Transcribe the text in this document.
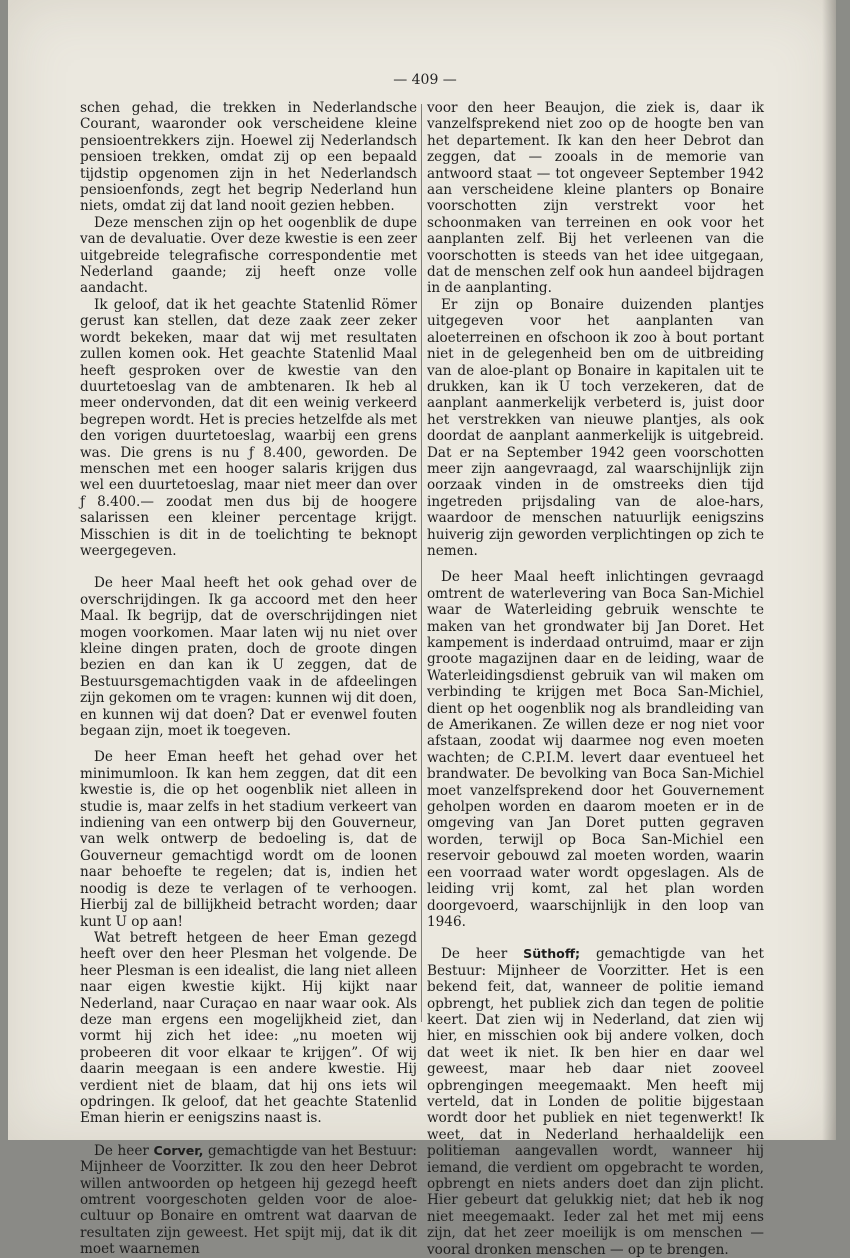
— 409 —

schen gehad, die trekken in Nederlandsche Courant, waaronder ook verscheidene kleine pensioentrekkers zijn. Hoewel zij Nederlandsch pensioen trekken, omdat zij op een bepaald tijdstip opgenomen zijn in het Nederlandsch pensioenfonds, zegt het begrip Nederland hun niets, omdat zij dat land nooit gezien hebben.

Deze menschen zijn op het oogenblik de dupe van de devaluatie. Over deze kwestie is een zeer uitgebreide telegrafische correspondentie met Nederland gaande; zij heeft onze volle aandacht.

Ik geloof, dat ik het geachte Statenlid Römer gerust kan stellen, dat deze zaak zeer zeker wordt bekeken, maar dat wij met resultaten zullen komen ook. Het geachte Statenlid Maal heeft gesproken over de kwestie van den duurtetoeslag van de ambtenaren. Ik heb al meer ondervonden, dat dit een weinig verkeerd begrepen wordt. Het is precies hetzelfde als met den vorigen duurtetoeslag, waarbij een grens was. Die grens is nu ƒ 8.400, geworden. De menschen met een hooger salaris krijgen dus wel een duurtetoeslag, maar niet meer dan over ƒ 8.400.— zoodat men dus bij de hoogere salarissen een kleiner percentage krijgt. Misschien is dit in de toelichting te beknopt weergegeven.

De heer Maal heeft het ook gehad over de overschrijdingen. Ik ga accoord met den heer Maal. Ik begrijp, dat de overschrijdingen niet mogen voorkomen. Maar laten wij nu niet over kleine dingen praten, doch de groote dingen bezien en dan kan ik U zeggen, dat de Bestuursgemachtigden vaak in de afdeelingen zijn gekomen om te vragen: kunnen wij dit doen, en kunnen wij dat doen? Dat er evenwel fouten begaan zijn, moet ik toegeven.

De heer Eman heeft het gehad over het minimumloon. Ik kan hem zeggen, dat dit een kwestie is, die op het oogenblik niet alleen in studie is, maar zelfs in het stadium verkeert van indiening van een ontwerp bij den Gouverneur, van welk ontwerp de bedoeling is, dat de Gouverneur gemachtigd wordt om de loonen naar behoefte te regelen; dat is, indien het noodig is deze te verlagen of te verhoogen. Hierbij zal de billijkheid betracht worden; daar kunt U op aan!

Wat betreft hetgeen de heer Eman gezegd heeft over den heer Plesman het volgende. De heer Plesman is een idealist, die lang niet alleen naar eigen kwestie kijkt. Hij kijkt naar Nederland, naar Curaçao en naar waar ook. Als deze man ergens een mogelijkheid ziet, dan vormt hij zich het idee: „nu moeten wij probeeren dit voor elkaar te krijgen”. Of wij daarin meegaan is een andere kwestie. Hij verdient niet de blaam, dat hij ons iets wil opdringen. Ik geloof, dat het geachte Statenlid Eman hierin er eenigszins naast is.

De heer Corver, gemachtigde van het Bestuur: Mijnheer de Voorzitter. Ik zou den heer Debrot willen antwoorden op hetgeen hij gezegd heeft omtrent voorgeschoten gelden voor de aloe-cultuur op Bonaire en omtrent wat daarvan de resultaten zijn geweest. Het spijt mij, dat ik dit moet waarnemen

voor den heer Beaujon, die ziek is, daar ik vanzelfsprekend niet zoo op de hoogte ben van het departement. Ik kan den heer Debrot dan zeggen, dat — zooals in de memorie van antwoord staat — tot ongeveer September 1942 aan verscheidene kleine planters op Bonaire voorschotten zijn verstrekt voor het schoonmaken van terreinen en ook voor het aanplanten zelf. Bij het verleenen van die voorschotten is steeds van het idee uitgegaan, dat de menschen zelf ook hun aandeel bijdragen in de aanplanting.

Er zijn op Bonaire duizenden plantjes uitgegeven voor het aanplanten van aloeterreinen en ofschoon ik zoo à bout portant niet in de gelegenheid ben om de uitbreiding van de aloe-plant op Bonaire in kapitalen uit te drukken, kan ik U toch verzekeren, dat de aanplant aanmerkelijk verbeterd is, juist door het verstrekken van nieuwe plantjes, als ook doordat de aanplant aanmerkelijk is uitgebreid. Dat er na September 1942 geen voorschotten meer zijn aangevraagd, zal waarschijnlijk zijn oorzaak vinden in de omstreeks dien tijd ingetreden prijsdaling van de aloe-hars, waardoor de menschen natuurlijk eenigszins huiverig zijn geworden verplichtingen op zich te nemen.

De heer Maal heeft inlichtingen gevraagd omtrent de waterlevering van Boca San-Michiel waar de Waterleiding gebruik wenschte te maken van het grondwater bij Jan Doret. Het kampement is inderdaad ontruimd, maar er zijn groote magazijnen daar en de leiding, waar de Waterleidingsdienst gebruik van wil maken om verbinding te krijgen met Boca San-Michiel, dient op het oogenblik nog als brandleiding van de Amerikanen. Ze willen deze er nog niet voor afstaan, zoodat wij daarmee nog even moeten wachten; de C.P.I.M. levert daar eventueel het brandwater. De bevolking van Boca San-Michiel moet vanzelfsprekend door het Gouvernement geholpen worden en daarom moeten er in de omgeving van Jan Doret putten gegraven worden, terwijl op Boca San-Michiel een reservoir gebouwd zal moeten worden, waarin een voorraad water wordt opgeslagen. Als de leiding vrij komt, zal het plan worden doorgevoerd, waarschijnlijk in den loop van 1946.

De heer Süthoff; gemachtigde van het Bestuur: Mijnheer de Voorzitter. Het is een bekend feit, dat, wanneer de politie iemand opbrengt, het publiek zich dan tegen de politie keert. Dat zien wij in Nederland, dat zien wij hier, en misschien ook bij andere volken, doch dat weet ik niet. Ik ben hier en daar wel geweest, maar heb daar niet zooveel opbrengingen meegemaakt. Men heeft mij verteld, dat in Londen de politie bijgestaan wordt door het publiek en niet tegenwerkt! Ik weet, dat in Nederland herhaaldelijk een politieman aangevallen wordt, wanneer hij iemand, die verdient om opgebracht te worden, opbrengt en niets anders doet dan zijn plicht. Hier gebeurt dat gelukkig niet; dat heb ik nog niet meegemaakt. Ieder zal het met mij eens zijn, dat het zeer moeilijk is om menschen — vooral dronken menschen — op te brengen.
